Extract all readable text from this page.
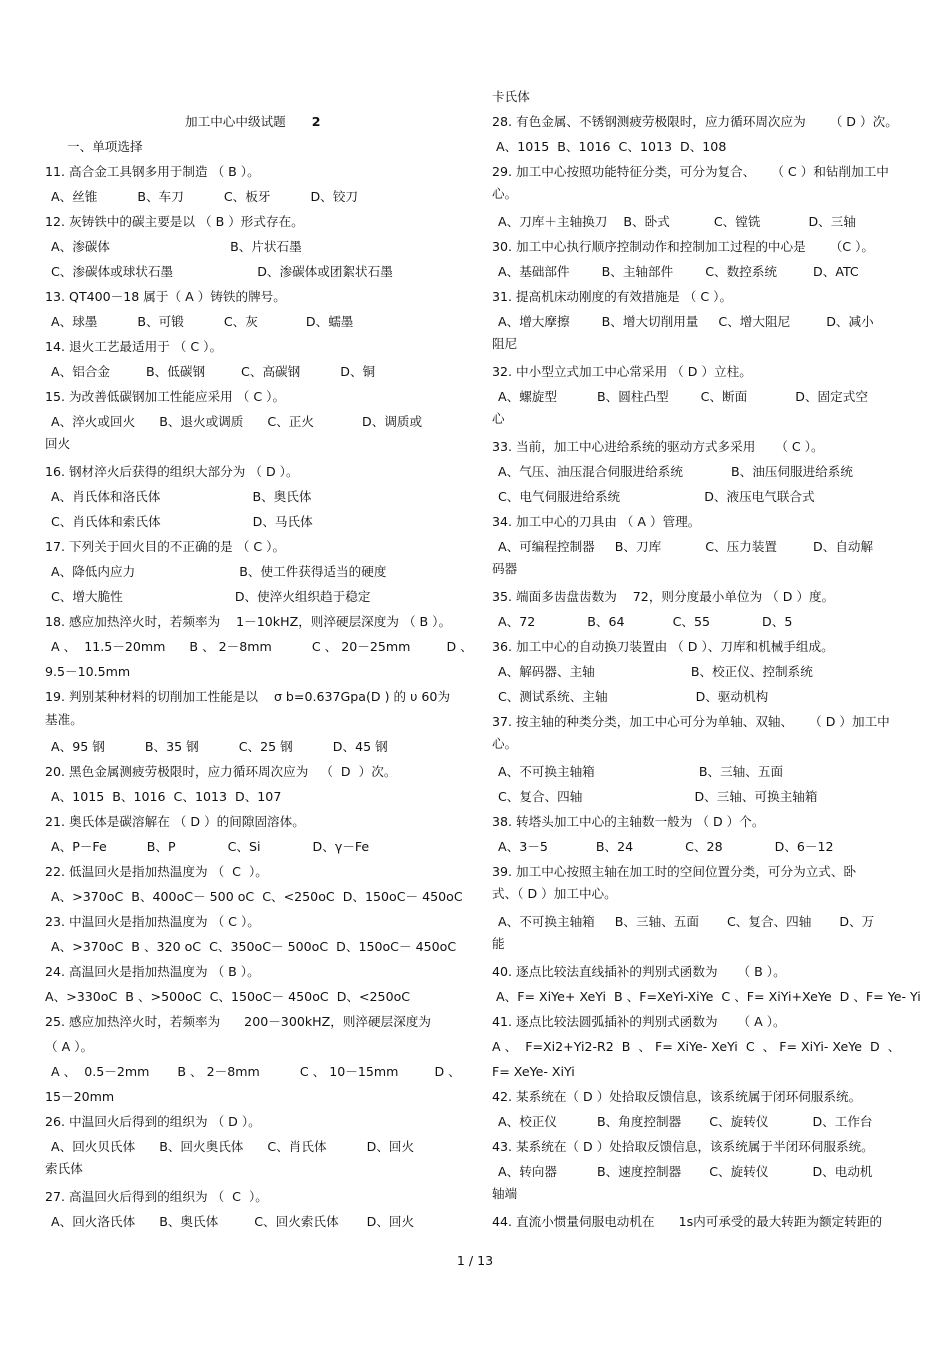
加工中心中级试题 2
一、单项选择
11. 高合金工具钢多用于制造 （ B ）。
A、丝锥          B、车刀          C、板牙          D、铰刀
12. 灰铸铁中的碳主要是以 （ B ）形式存在。
A、渗碳体                              B、片状石墨
C、渗碳体或球状石墨                     D、渗碳体或团絮状石墨
13. QT400－18 属于（ A ）铸铁的牌号。
A、球墨          B、可锻          C、灰            D、蠕墨
14. 退火工艺最适用于 （ C ）。
A、铝合金         B、低碳钢         C、高碳钢          D、铜
15. 为改善低碳钢加工性能应采用 （ C ）。
A、淬火或回火      B、退火或调质      C、正火            D、调质或
回火
16. 钢材淬火后获得的组织大部分为 （ D ）。
A、肖氏体和洛氏体                       B、奥氏体
C、肖氏体和索氏体                       D、马氏体
17. 下列关于回火目的不正确的是 （ C ）。
A、降低内应力                          B、使工件获得适当的硬度
C、增大脆性                            D、使淬火组织趋于稳定
18. 感应加热淬火时，若频率为    1－10kHZ，则淬硬层深度为 （ B ）。
A 、  11.5－20mm      B 、 2－8mm          C 、 20－25mm         D 、
9.5－10.5mm
19. 判别某种材料的切削加工性能是以    σ b=0.637Gpa(D ) 的 υ 60为
基准。
A、95 钢          B、35 钢          C、25 钢          D、45 钢
20. 黑色金属测疲劳极限时，应力循环周次应为   （  D  ）次。
A、1015  B、1016  C、1013  D、107
21. 奥氏体是碳溶解在 （ D ）的间隙固溶体。
A、P－Fe          B、P             C、Si             D、γ－Fe
22. 低温回火是指加热温度为 （  C  ）。
A、>370oC  B、400oC－ 500 oC  C、<250oC  D、150oC－ 450oC
23. 中温回火是指加热温度为 （ C ）。
A、>370oC  B 、320 oC  C、350oC－ 500oC  D、150oC－ 450oC
24. 高温回火是指加热温度为 （ B ）。
A、>330oC  B 、>500oC  C、150oC－ 450oC  D、<250oC
25. 感应加热淬火时，若频率为      200－300kHZ，则淬硬层深度为
（ A ）。
A 、  0.5－2mm       B 、 2－8mm          C 、 10－15mm         D 、
15－20mm
26. 中温回火后得到的组织为 （ D ）。
A、回火贝氏体      B、回火奥氏体      C、肖氏体          D、回火
索氏体
27. 高温回火后得到的组织为 （  C  ）。
A、回火洛氏体      B、奥氏体         C、回火索氏体       D、回火
卡氏体
28. 有色金属、不锈钢测疲劳极限时，应力循环周次应为      （ D ）次。
A、1015  B、1016  C、1013  D、108
29. 加工中心按照功能特征分类，可分为复合、    （ C ）和钻削加工中
心。
A、刀库＋主轴换刀    B、卧式           C、镗铣            D、三轴
30. 加工中心执行顺序控制动作和控制加工过程的中心是      （C ）。
A、基础部件        B、主轴部件        C、数控系统         D、ATC
31. 提高机床动刚度的有效措施是 （ C ）。
A、增大摩擦        B、增大切削用量     C、增大阻尼         D、减小
阻尼
32. 中小型立式加工中心常采用 （ D ）立柱。
A、螺旋型          B、圆柱凸型        C、断面            D、固定式空
心
33. 当前，加工中心进给系统的驱动方式多采用     （ C ）。
A、气压、油压混合伺服进给系统            B、油压伺服进给系统
C、电气伺服进给系统                     D、液压电气联合式
34. 加工中心的刀具由 （ A ）管理。
A、可编程控制器     B、刀库           C、压力装置         D、自动解
码器
35. 端面多齿盘齿数为    72，则分度最小单位为 （ D ）度。
A、72             B、64            C、55             D、5
36. 加工中心的自动换刀装置由 （ D ）、刀库和机械手组成。
A、解码器、主轴                        B、校正仪、控制系统
C、测试系统、主轴                      D、驱动机构
37. 按主轴的种类分类，加工中心可分为单轴、双轴、    （ D ）加工中
心。
A、不可换主轴箱                          B、三轴、五面
C、复合、四轴                            D、三轴、可换主轴箱
38. 转塔头加工中心的主轴数一般为 （ D ）个。
A、3－5            B、24             C、28             D、6－12
39. 加工中心按照主轴在加工时的空间位置分类，可分为立式、卧
式、（ D ）加工中心。
A、不可换主轴箱     B、三轴、五面       C、复合、四轴       D、万
能
40. 逐点比较法直线插补的判别式函数为     （ B ）。
A、F= XiYe+ XeYi  B 、F=XeYi-XiYe  C 、F= XiYi+XeYe  D 、F= Ye- Yi
41. 逐点比较法圆弧插补的判别式函数为     （ A ）。
A 、  F=Xi2+Yi2-R2  B  、 F= XiYe- XeYi  C  、 F= XiYi- XeYe  D  、
F= XeYe- XiYi
42. 某系统在（ D ）处拾取反馈信息，该系统属于闭环伺服系统。
A、校正仪          B、角度控制器       C、旋转仪           D、工作台
43. 某系统在（ D ）处拾取反馈信息，该系统属于半闭环伺服系统。
A、转向器          B、速度控制器       C、旋转仪           D、电动机
轴端
44. 直流小惯量伺服电动机在      1s内可承受的最大转距为额定转距的
1 / 13
